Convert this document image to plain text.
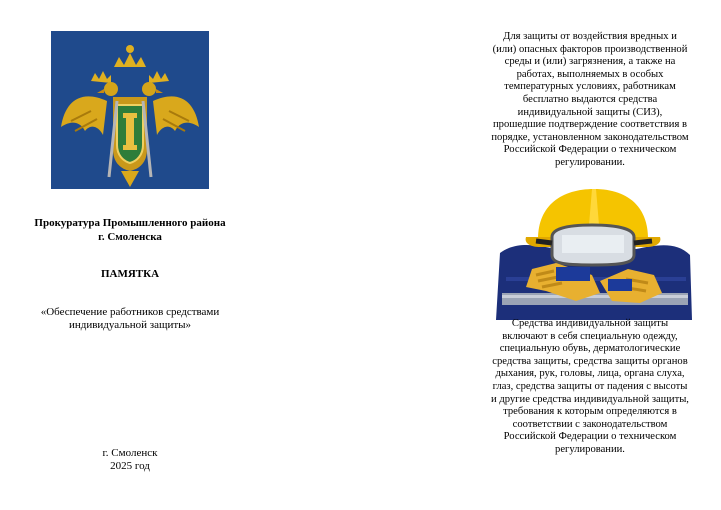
Прокуратура Промышленного района
г. Смоленска
ПАМЯТКА
«Обеспечение работников средствами
индивидуальной защиты»
г. Смоленск
2025 год
Для защиты от воздействия вредных и (или) опасных факторов производственной среды и (или) загрязнения, а также на работах, выполняемых в особых температурных условиях, работникам бесплатно выдаются средства индивидуальной защиты (СИЗ), прошедшие подтверждение соответствия в порядке, установленном законодательством Российской Федерации о техническом регулировании.
Средства индивидуальной защиты включают в себя специальную одежду, специальную обувь, дерматологические средства защиты, средства защиты органов дыхания, рук, головы, лица, органа слуха, глаз, средства защиты от падения с высоты и другие средства индивидуальной защиты, требования к которым определяются в соответствии с законодательством Российской Федерации о техническом регулировании.
